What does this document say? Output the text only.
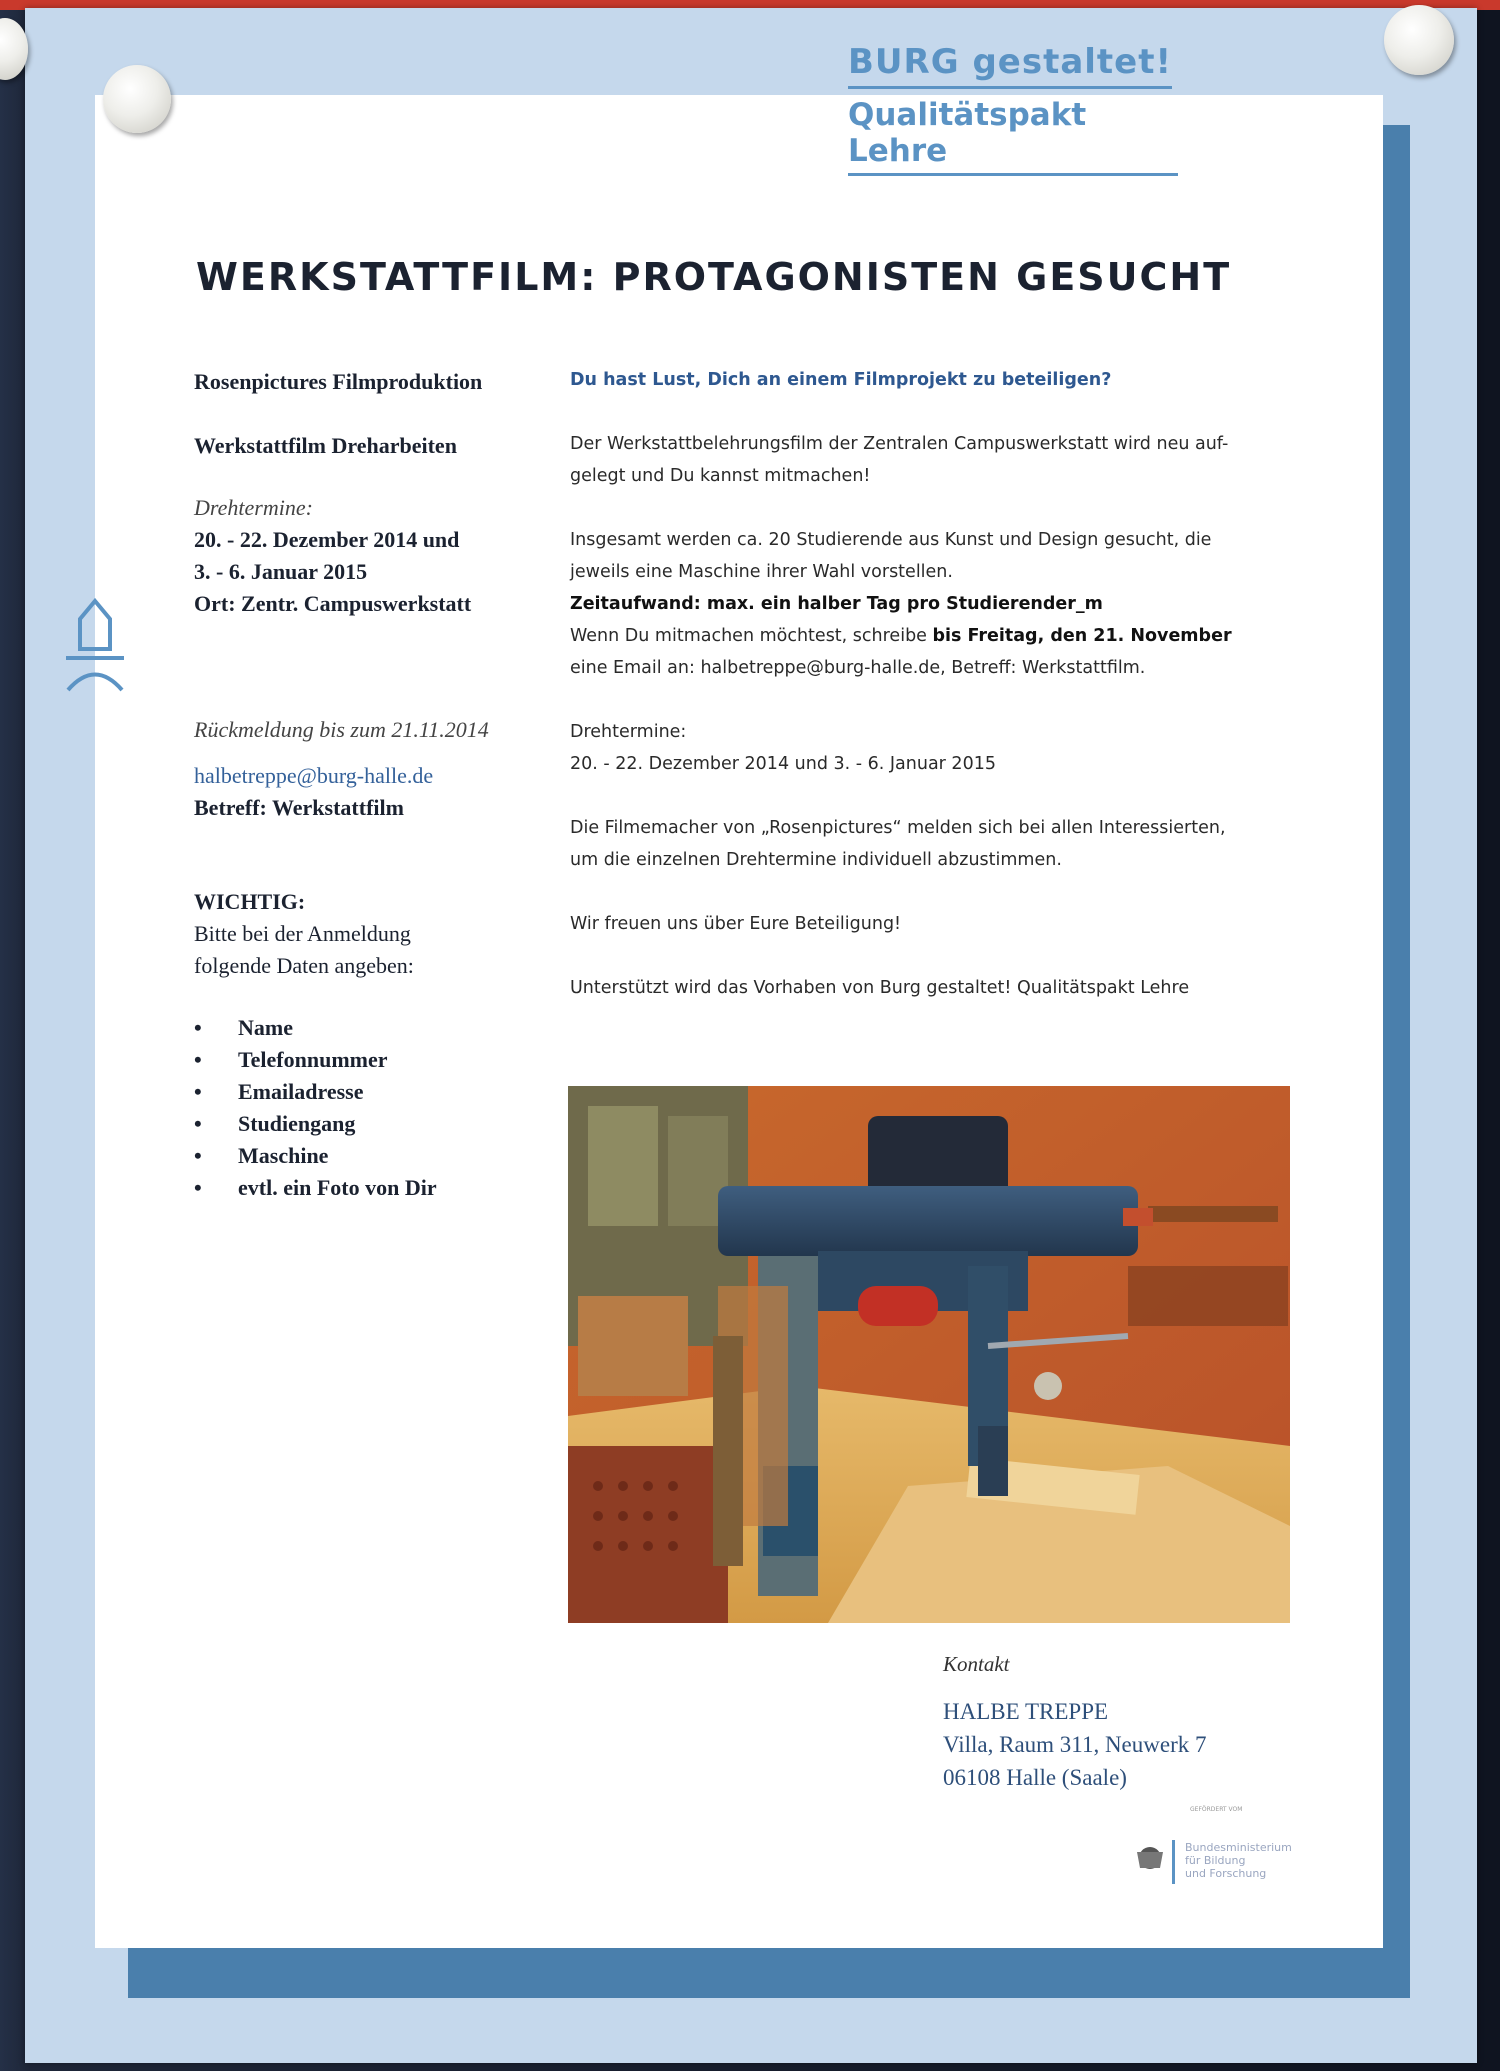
BURG gestaltet!
Qualitätspakt Lehre
WERKSTATTFILM: PROTAGONISTEN GESUCHT
Rosenpictures Filmproduktion
Werkstattfilm Dreharbeiten
Drehtermine:
20. - 22. Dezember 2014 und
3. - 6. Januar 2015
Ort: Zentr. Campuswerkstatt
Rückmeldung bis zum 21.11.2014
halbetreppe@burg-halle.de
Betreff: Werkstattfilm
WICHTIG:
Bitte bei der Anmeldung
folgende Daten angeben:
• Name
• Telefonnummer
• Emailadresse
• Studiengang
• Maschine
• evtl. ein Foto von Dir
Du hast Lust, Dich an einem Filmprojekt zu beteiligen?
Der Werkstattbelehrungsfilm der Zentralen Campuswerkstatt wird neu auf-
gelegt und Du kannst mitmachen!
Insgesamt werden ca. 20 Studierende aus Kunst und Design gesucht, die
jeweils eine Maschine ihrer Wahl vorstellen.
Zeitaufwand: max. ein halber Tag pro Studierender_m
Wenn Du mitmachen möchtest, schreibe bis Freitag, den 21. November
eine Email an: halbetreppe@burg-halle.de, Betreff: Werkstattfilm.
Drehtermine:
20. - 22. Dezember 2014 und 3. - 6. Januar 2015
Die Filmemacher von „Rosenpictures“ melden sich bei allen Interessierten,
um die einzelnen Drehtermine individuell abzustimmen.
Wir freuen uns über Eure Beteiligung!
Unterstützt wird das Vorhaben von Burg gestaltet! Qualitätspakt Lehre
Kontakt
HALBE TREPPE
Villa, Raum 311, Neuwerk 7
06108 Halle (Saale)
GEFÖRDERT VOM
Bundesministerium
für Bildung
und Forschung
